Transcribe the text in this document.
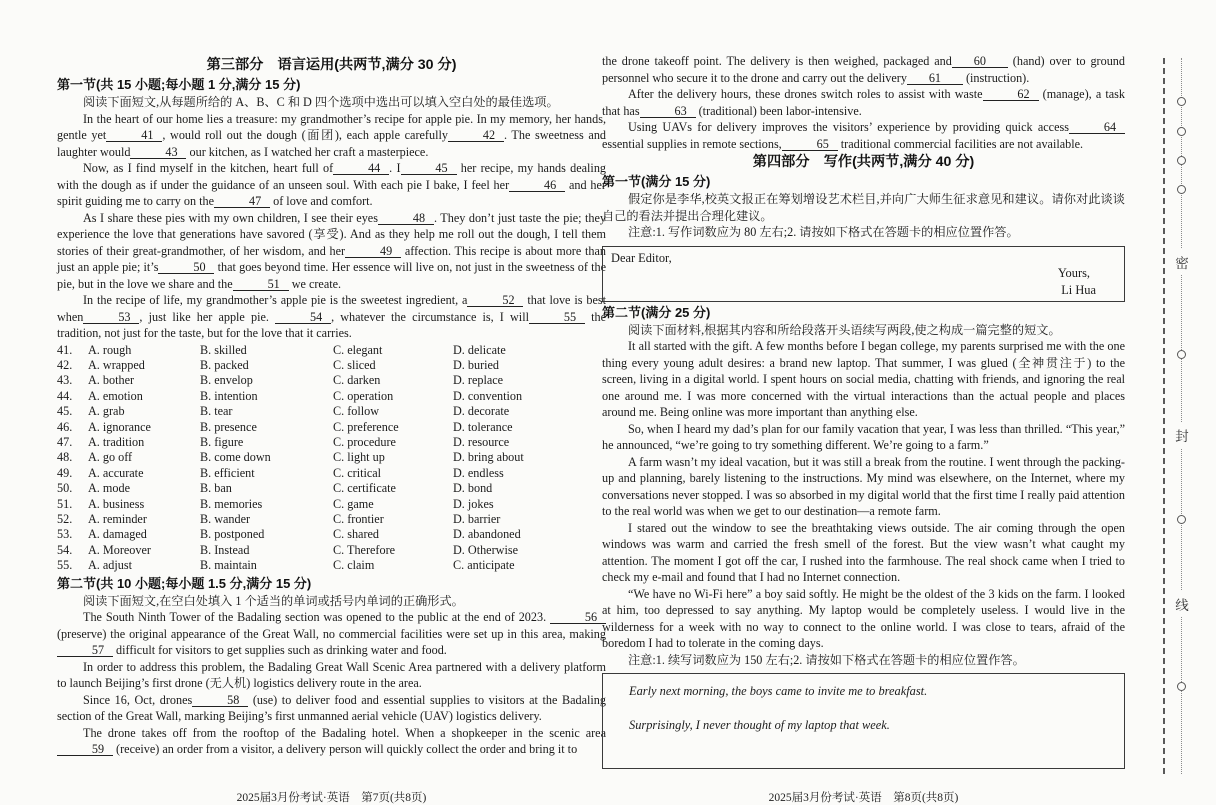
第三部分　语言运用(共两节,满分 30 分)

第一节(共 15 小题;每小题 1 分,满分 15 分)

阅读下面短文,从每题所给的 A、B、C 和 D 四个选项中选出可以填入空白处的最佳选项。

In the heart of our home lies a treasure: my grandmother’s recipe for apple pie. In my memory, her hands, gentle yet	41 , would roll out the dough (面团), each apple carefully	42 . The sweetness and laughter would	43 our kitchen, as I watched her craft a masterpiece.

Now, as I find myself in the kitchen, heart full of	44 . I	45 her recipe, my hands dealing with the dough as if under the guidance of an unseen soul. With each pie I bake, I feel her	46 and her spirit guiding me to carry on the	47 of love and comfort.

As I share these pies with my own children, I see their eyes	48 . They don’t just taste the pie; they experience the love that generations have savored (享受). And as they help me roll out the dough, I tell them stories of their great-grandmother, of her wisdom, and her	49 affection. This recipe is about more than just an apple pie; it’s	50 that goes beyond time. Her essence will live on, not just in the sweetness of the pie, but in the love we share and the	51 we create.

In the recipe of life, my grandmother’s apple pie is the sweetest ingredient, a	52 that love is best when	53 , just like her apple pie.	54 , whatever the circumstance is, I will	55 the tradition, not just for the taste, but for the love that it carries.

41.	A. rough	B. skilled	C. elegant	D. delicate
42.	A. wrapped	B. packed	C. sliced	D. buried
43.	A. bother	B. envelop	C. darken	D. replace
44.	A. emotion	B. intention	C. operation	D. convention
45.	A. grab	B. tear	C. follow	D. decorate
46.	A. ignorance	B. presence	C. preference	D. tolerance
47.	A. tradition	B. figure	C. procedure	D. resource
48.	A. go off	B. come down	C. light up	D. bring about
49.	A. accurate	B. efficient	C. critical	D. endless
50.	A. mode	B. ban	C. certificate	D. bond
51.	A. business	B. memories	C. game	D. jokes
52.	A. reminder	B. wander	C. frontier	D. barrier
53.	A. damaged	B. postponed	C. shared	D. abandoned
54.	A. Moreover	B. Instead	C. Therefore	D. Otherwise
55.	A. adjust	B. maintain	C. claim	C. anticipate

第二节(共 10 小题;每小题 1.5 分,满分 15 分)

阅读下面短文,在空白处填入 1 个适当的单词或括号内单词的正确形式。

The South Ninth Tower of the Badaling section was opened to the public at the end of 2023.	56 (preserve) the original appearance of the Great Wall, no commercial facilities were set up in this area, making57 difficult for visitors to get supplies such as drinking water and food.

In order to address this problem, the Badaling Great Wall Scenic Area partnered with a delivery platform to launch Beijing’s first drone (无人机) logistics delivery route in the area.

Since 16, Oct, drones	58 (use) to deliver food and essential supplies to visitors at the Badaling section of the Great Wall, marking Beijing’s first unmanned aerial vehicle (UAV) logistics delivery.

The drone takes off from the rooftop of the Badaling hotel. When a shopkeeper in the scenic area 59 (receive) an order from a visitor, a delivery person will quickly collect the order and bring it to

the drone takeoff point. The delivery is then weighed, packaged and 60 (hand) over to ground personnel who secure it to the drone and carry out the delivery 61 (instruction).

After the delivery hours, these drones switch roles to assist with waste	62 (manage), a task that has	63 (traditional) been labor-intensive.

Using UAVs for delivery improves the visitors’ experience by providing quick access	64 essential supplies in remote sections,	65 traditional commercial facilities are not available.

第四部分　写作(共两节,满分 40 分)

第一节(满分 15 分)

假定你是李华,校英文报正在筹划增设艺术栏目,并向广大师生征求意见和建议。请你对此谈谈自己的看法并提出合理化建议。

注意:1. 写作词数应为 80 左右;2. 请按如下格式在答题卡的相应位置作答。

Dear Editor,
Yours,
Li Hua

第二节(满分 25 分)

阅读下面材料,根据其内容和所给段落开头语续写两段,使之构成一篇完整的短文。

It all started with the gift. A few months before I began college, my parents surprised me with the one thing every young adult desires: a brand new laptop. That summer, I was glued (全神贯注于) to the screen, living in a digital world. I spent hours on social media, chatting with friends, and ignoring the real one around me. I was more concerned with the virtual interactions than the actual people and places around me. Being online was more important than anything else.

So, when I heard my dad’s plan for our family vacation that year, I was less than thrilled. “This year,” he announced, “we’re going to try something different. We’re going to a farm.”

A farm wasn’t my ideal vacation, but it was still a break from the routine. I went through the packing-up and planning, barely listening to the instructions. My mind was elsewhere, on the Internet, where my conversations never stopped. I was so absorbed in my digital world that the first time I really paid attention to the real world was when we get to our destination—a remote farm.

I stared out the window to see the breathtaking views outside. The air coming through the open windows was warm and carried the fresh smell of the forest. But the view wasn’t what caught my attention. The moment I got off the car, I rushed into the farmhouse. The real shock came when I tried to check my e-mail and found that I had no Internet connection.

“We have no Wi-Fi here” a boy said softly. He might be the oldest of the 3 kids on the farm. I looked at him, too depressed to say anything. My laptop would be completely useless. I would live in the wilderness for a week with no way to connect to the online world. I was close to tears, afraid of the boredom I had to tolerate in the coming days.

注意:1. 续写词数应为 150 左右;2. 请按如下格式在答题卡的相应位置作答。

Early next morning, the boys came to invite me to breakfast.

Surprisingly, I never thought of my laptop that week.

密
封
线
2025届3月份考试·英语　第7页(共8页)	2025届3月份考试·英语　第8页(共8页)
